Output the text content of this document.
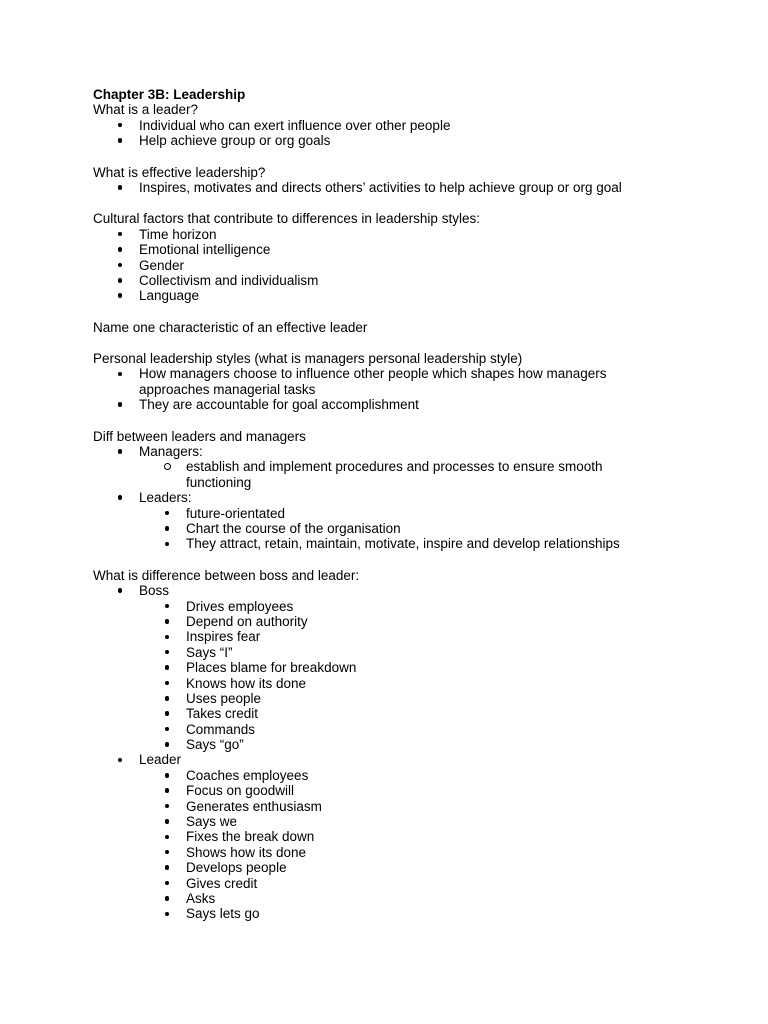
Chapter 3B: Leadership
What is a leader?
Individual who can exert influence over other people
Help achieve group or org goals
What is effective leadership?
Inspires, motivates and directs others’ activities to help achieve group or org goal
Cultural factors that contribute to differences in leadership styles:
Time horizon
Emotional intelligence
Gender
Collectivism and individualism
Language
Name one characteristic of an effective leader
Personal leadership styles (what is managers personal leadership style)
How managers choose to influence other people which shapes how managers
approaches managerial tasks
They are accountable for goal accomplishment
Diff between leaders and managers
Managers:
establish and implement procedures and processes to ensure smooth
functioning
Leaders:
future-orientated
Chart the course of the organisation
They attract, retain, maintain, motivate, inspire and develop relationships
What is difference between boss and leader:
Boss
Drives employees
Depend on authority
Inspires fear
Says “I”
Places blame for breakdown
Knows how its done
Uses people
Takes credit
Commands
Says “go”
Leader
Coaches employees
Focus on goodwill
Generates enthusiasm
Says we
Fixes the break down
Shows how its done
Develops people
Gives credit
Asks
Says lets go
